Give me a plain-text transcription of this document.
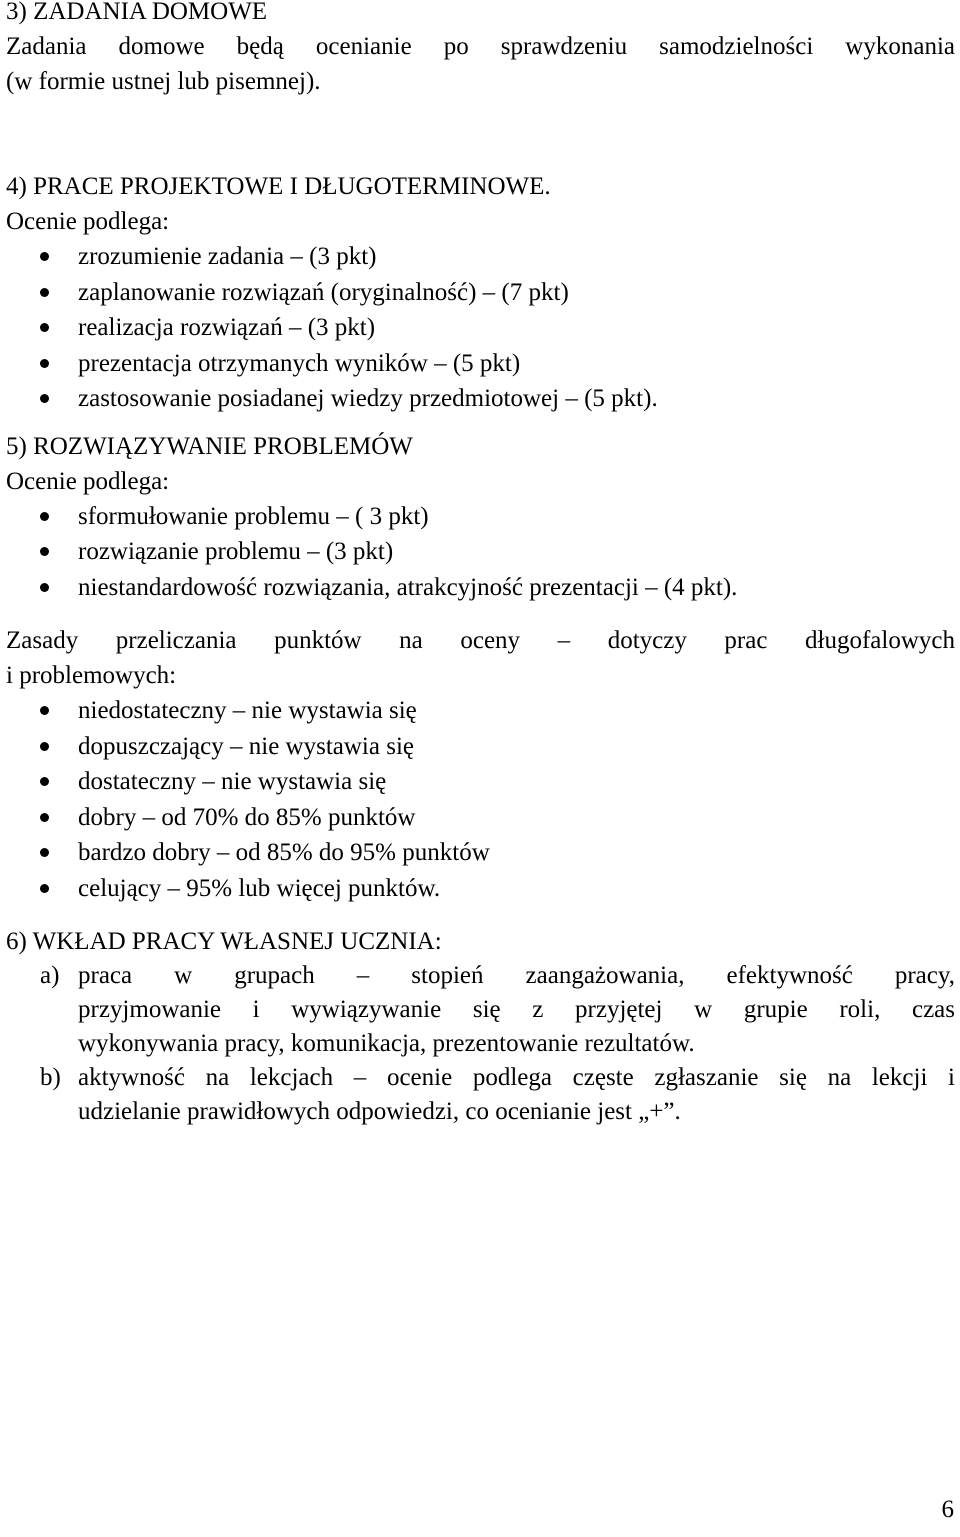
3) ZADANIA DOMOWE

Zadania domowe będą ocenianie po sprawdzeniu samodzielności wykonania

(w formie ustnej lub pisemnej).

4) PRACE PROJEKTOWE I DŁUGOTERMINOWE.

Ocenie podlega:

zrozumienie zadania – (3 pkt)
zaplanowanie rozwiązań (oryginalność) – (7 pkt)
realizacja rozwiązań – (3 pkt)
prezentacja otrzymanych wyników – (5 pkt)
zastosowanie posiadanej wiedzy przedmiotowej – (5 pkt).

5) ROZWIĄZYWANIE PROBLEMÓW

Ocenie podlega:

sformułowanie problemu – ( 3 pkt)
rozwiązanie problemu – (3 pkt)
niestandardowość rozwiązania, atrakcyjność prezentacji – (4 pkt).

Zasady przeliczania punktów na oceny – dotyczy prac długofalowych

i problemowych:

niedostateczny – nie wystawia się
dopuszczający – nie wystawia się
dostateczny – nie wystawia się
dobry – od 70% do 85% punktów
bardzo dobry – od 85% do 95% punktów
celujący – 95% lub więcej punktów.

6) WKŁAD PRACY WŁASNEJ UCZNIA:

a) praca w grupach – stopień zaangażowania, efektywność pracy,
przyjmowanie i wywiązywanie się z przyjętej w grupie roli, czas
wykonywania pracy, komunikacja, prezentowanie rezultatów.
b) aktywność na lekcjach – ocenie podlega częste zgłaszanie się na lekcji i
udzielanie prawidłowych odpowiedzi, co ocenianie jest „+”.
6
